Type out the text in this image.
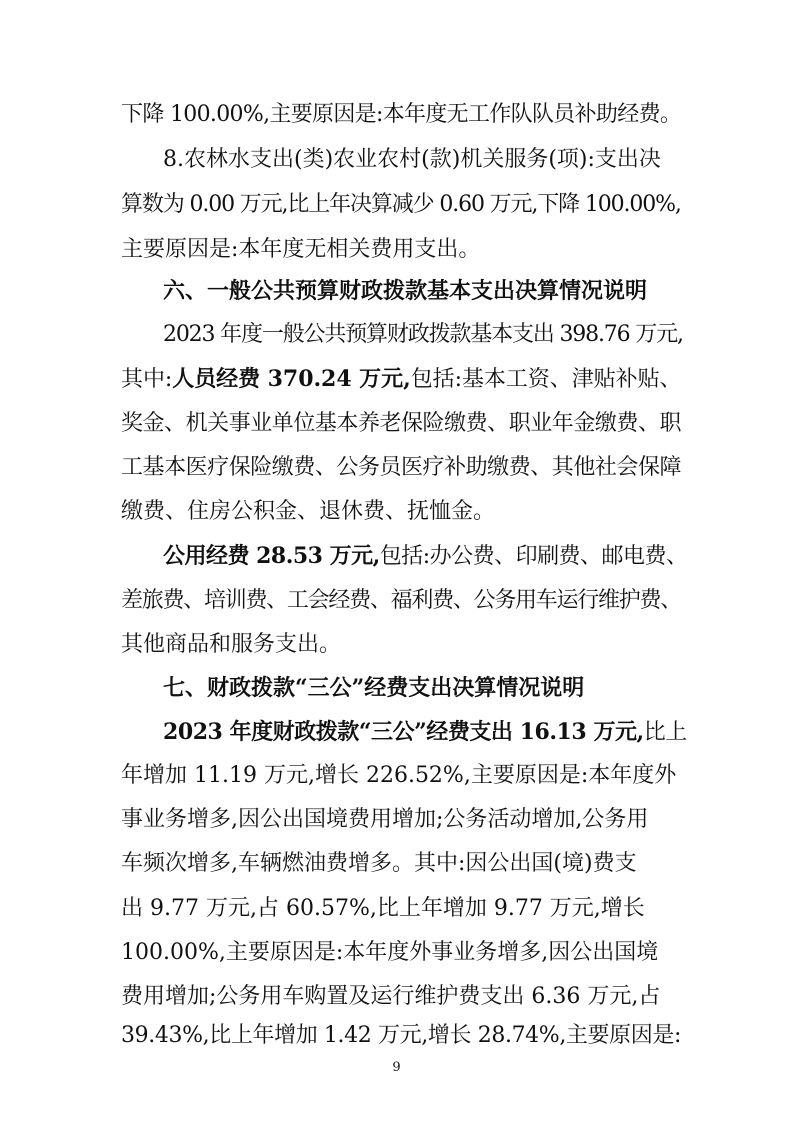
下降 100.00%,主要原因是:本年度无工作队队员补助经费。
8.农林水支出(类)农业农村(款)机关服务(项):支出决
算数为 0.00 万元,比上年决算减少 0.60 万元,下降 100.00%,
主要原因是:本年度无相关费用支出。
六、一般公共预算财政拨款基本支出决算情况说明
2023 年度一般公共预算财政拨款基本支出 398.76 万元,
其中:人员经费 370.24 万元,包括:基本工资、津贴补贴、
奖金、机关事业单位基本养老保险缴费、职业年金缴费、职
工基本医疗保险缴费、公务员医疗补助缴费、其他社会保障
缴费、住房公积金、退休费、抚恤金。
公用经费 28.53 万元,包括:办公费、印刷费、邮电费、
差旅费、培训费、工会经费、福利费、公务用车运行维护费、
其他商品和服务支出。
七、财政拨款“三公”经费支出决算情况说明
2023 年度财政拨款“三公”经费支出 16.13 万元,比上
年增加 11.19 万元,增长 226.52%,主要原因是:本年度外
事业务增多,因公出国境费用增加;公务活动增加,公务用
车频次增多,车辆燃油费增多。其中:因公出国(境)费支
出 9.77 万元,占 60.57%,比上年增加 9.77 万元,增长
100.00%,主要原因是:本年度外事业务增多,因公出国境
费用增加;公务用车购置及运行维护费支出 6.36 万元,占
39.43%,比上年增加 1.42 万元,增长 28.74%,主要原因是:
9
